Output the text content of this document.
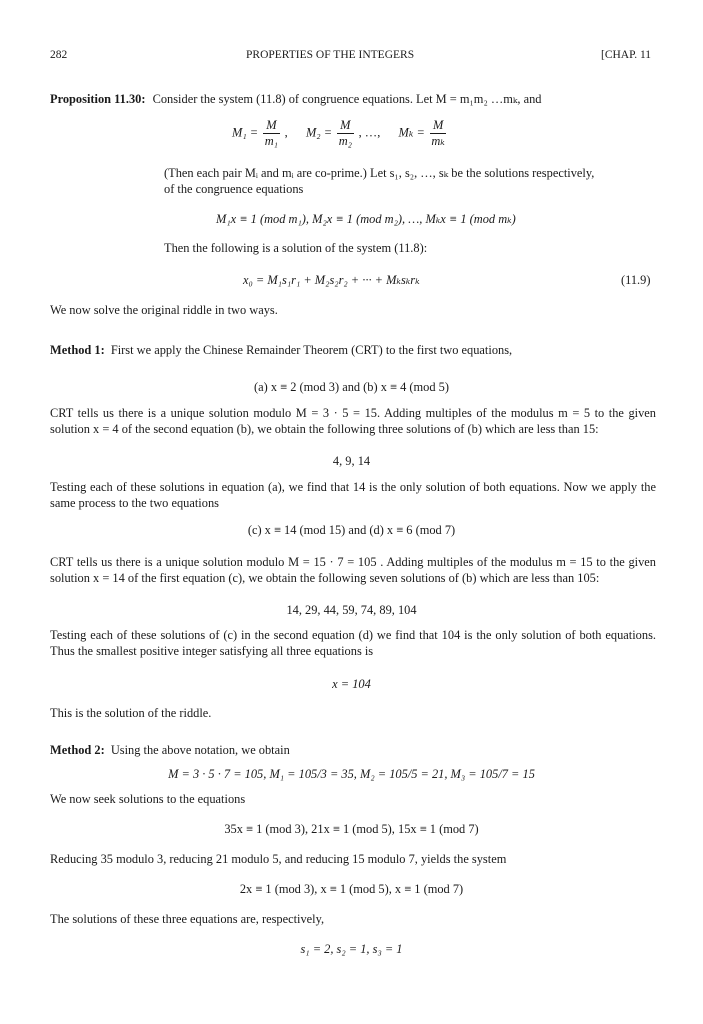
282	PROPERTIES OF THE INTEGERS	[CHAP. 11
Proposition 11.30: Consider the system (11.8) of congruence equations. Let M = m₁m₂ …mₖ, and
$M_1 = \frac{M}{\text{m₁}}$ , $M_2 = \frac{M}{\text{m₂}}$ , …, $M_k = \frac{M}{\text{mₖ}}$
(Then each pair Mᵢ and mᵢ are co-prime.) Let s₁, s₂, …, sₖ be the solutions respectively,
of the congruence equations
M₁x ≡ 1 (mod m₁), M₂x ≡ 1 (mod m₂), …, Mₖx ≡ 1 (mod mₖ)
Then the following is a solution of the system (11.8):
x₀ = M₁s₁r₁ + M₂s₂r₂ + ··· + Mₖsₖrₖ	(11.9)
We now solve the original riddle in two ways.
Method 1: First we apply the Chinese Remainder Theorem (CRT) to the first two equations,
(a) x ≡ 2 (mod 3) and (b) x ≡ 4 (mod 5)
CRT tells us there is a unique solution modulo M = 3 · 5 = 15. Adding multiples of the modulus m = 5 to the given solution x = 4 of the second equation (b), we obtain the following three solutions of (b) which are less than 15:
4, 9, 14
Testing each of these solutions in equation (a), we find that 14 is the only solution of both equations. Now we apply the same process to the two equations
(c) x ≡ 14 (mod 15) and (d) x ≡ 6 (mod 7)
CRT tells us there is a unique solution modulo M = 15 · 7 = 105 . Adding multiples of the modulus m = 15 to the given solution x = 14 of the first equation (c), we obtain the following seven solutions of (b) which are less than 105:
14, 29, 44, 59, 74, 89, 104
Testing each of these solutions of (c) in the second equation (d) we find that 104 is the only solution of both equations. Thus the smallest positive integer satisfying all three equations is
x = 104
This is the solution of the riddle.
Method 2: Using the above notation, we obtain
M = 3 · 5 · 7 = 105, M₁ = 105/3 = 35, M₂ = 105/5 = 21, M₃ = 105/7 = 15
We now seek solutions to the equations
35x ≡ 1 (mod 3), 21x ≡ 1 (mod 5), 15x ≡ 1 (mod 7)
Reducing 35 modulo 3, reducing 21 modulo 5, and reducing 15 modulo 7, yields the system
2x ≡ 1 (mod 3), x ≡ 1 (mod 5), x ≡ 1 (mod 7)
The solutions of these three equations are, respectively,
s₁ = 2, s₂ = 1, s₃ = 1
